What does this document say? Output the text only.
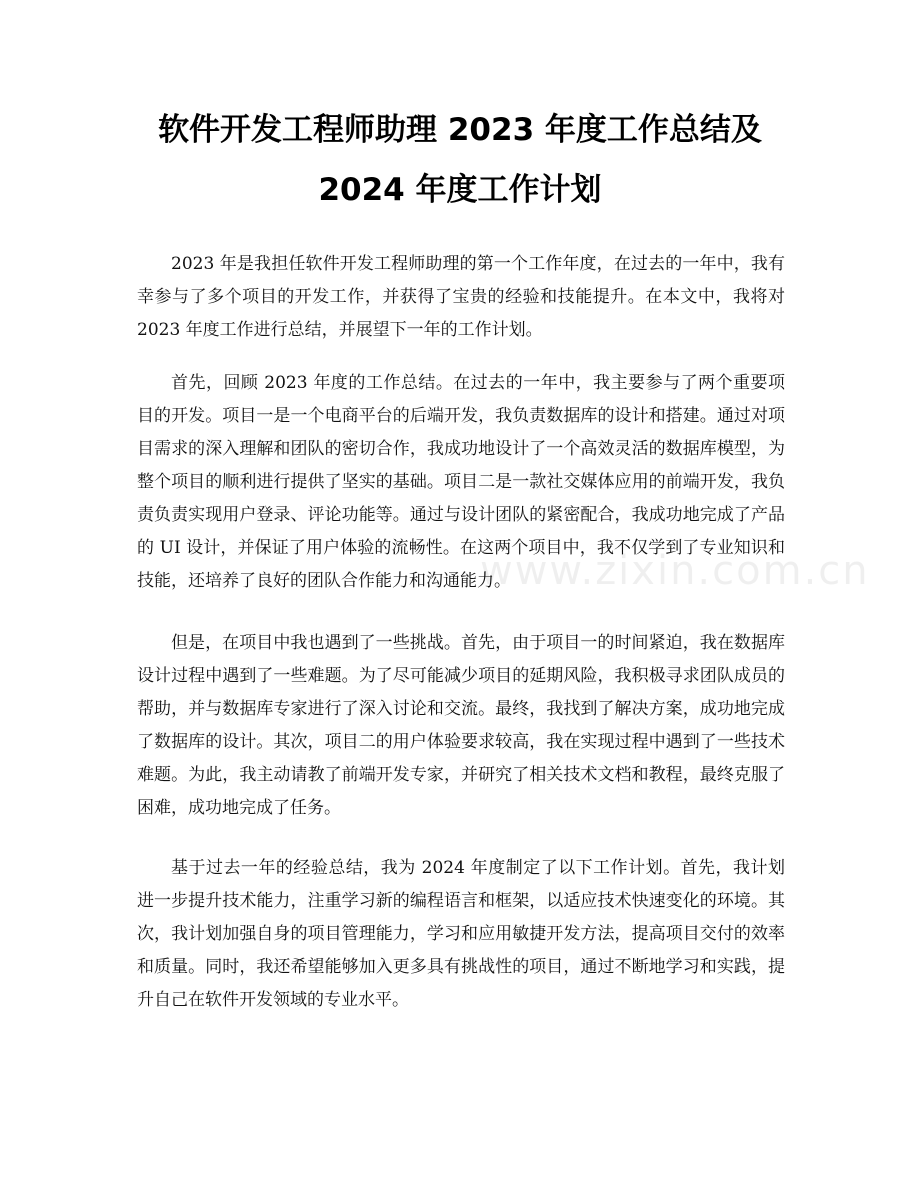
软件开发工程师助理 2023 年度工作总结及
2024 年度工作计划

2023 年是我担任软件开发工程师助理的第一个工作年度，在过去的一年中，我有幸参与了多个项目的开发工作，并获得了宝贵的经验和技能提升。在本文中，我将对 2023 年度工作进行总结，并展望下一年的工作计划。

首先，回顾 2023 年度的工作总结。在过去的一年中，我主要参与了两个重要项目的开发。项目一是一个电商平台的后端开发，我负责数据库的设计和搭建。通过对项目需求的深入理解和团队的密切合作，我成功地设计了一个高效灵活的数据库模型，为整个项目的顺利进行提供了坚实的基础。项目二是一款社交媒体应用的前端开发，我负责负责实现用户登录、评论功能等。通过与设计团队的紧密配合，我成功地完成了产品的 UI 设计，并保证了用户体验的流畅性。在这两个项目中，我不仅学到了专业知识和技能，还培养了良好的团队合作能力和沟通能力。

但是，在项目中我也遇到了一些挑战。首先，由于项目一的时间紧迫，我在数据库设计过程中遇到了一些难题。为了尽可能减少项目的延期风险，我积极寻求团队成员的帮助，并与数据库专家进行了深入讨论和交流。最终，我找到了解决方案，成功地完成了数据库的设计。其次，项目二的用户体验要求较高，我在实现过程中遇到了一些技术难题。为此，我主动请教了前端开发专家，并研究了相关技术文档和教程，最终克服了困难，成功地完成了任务。

基于过去一年的经验总结，我为 2024 年度制定了以下工作计划。首先，我计划进一步提升技术能力，注重学习新的编程语言和框架，以适应技术快速变化的环境。其次，我计划加强自身的项目管理能力，学习和应用敏捷开发方法，提高项目交付的效率和质量。同时，我还希望能够加入更多具有挑战性的项目，通过不断地学习和实践，提升自己在软件开发领域的专业水平。

www.zixin.com.cn
